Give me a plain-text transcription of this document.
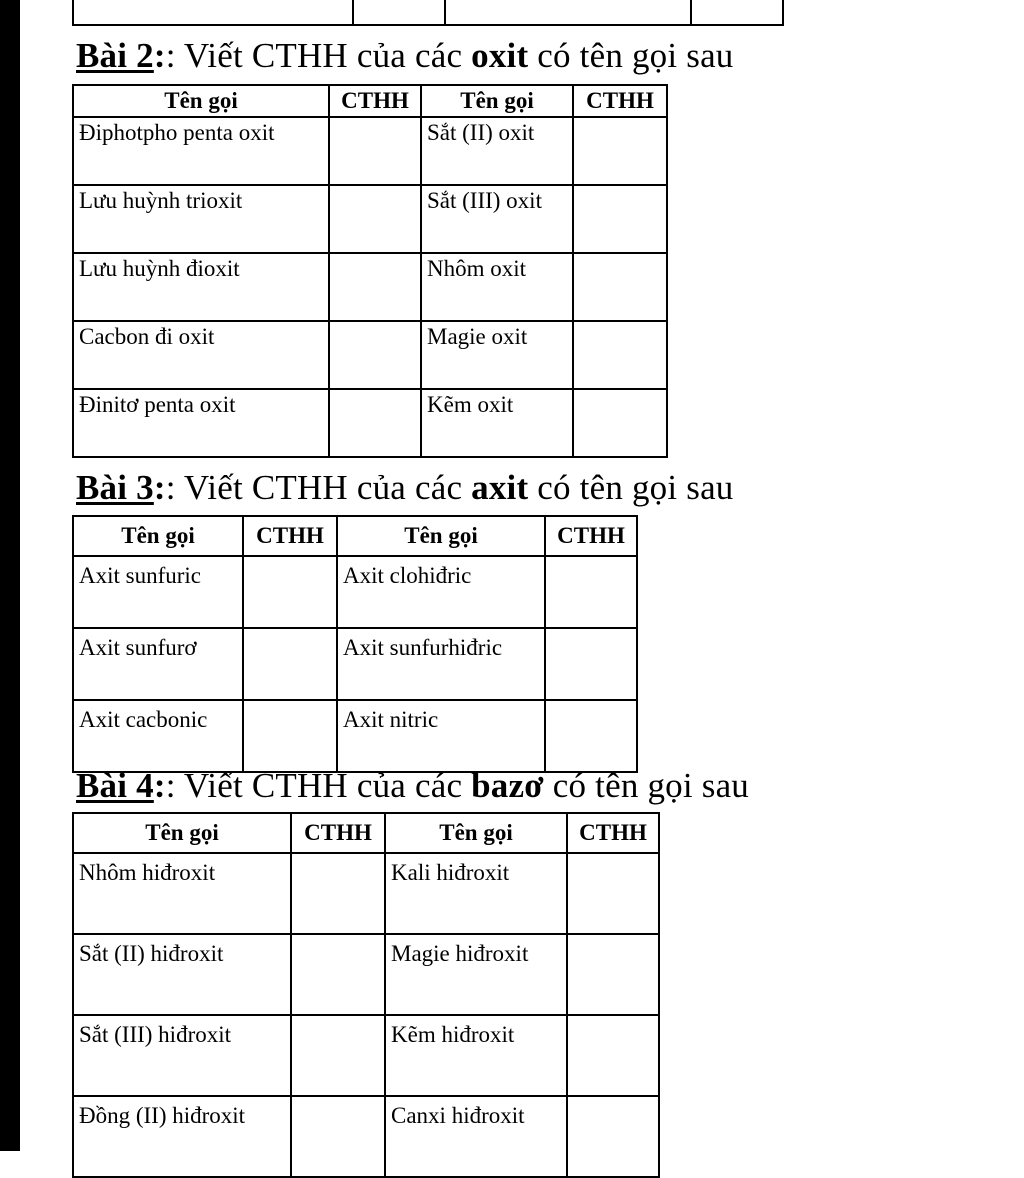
Bài 2:: Viết CTHH của các oxit có tên gọi sau
Tên gọi	CTHH	Tên gọi	CTHH
Điphotpho penta oxit		Sắt (II) oxit	
Lưu huỳnh trioxit		Sắt (III) oxit	
Lưu huỳnh đioxit		Nhôm oxit	
Cacbon đi oxit		Magie oxit	
Đinitơ penta oxit		Kẽm oxit	
Bài 3:: Viết CTHH của các axit có tên gọi sau
Tên gọi	CTHH	Tên gọi	CTHH
Axit sunfuric		Axit clohiđric	
Axit sunfurơ		Axit sunfurhiđric	
Axit cacbonic		Axit nitric	
Bài 4:: Viết CTHH của các bazơ có tên gọi sau
Tên gọi	CTHH	Tên gọi	CTHH
Nhôm hiđroxit		Kali hiđroxit	
Sắt (II) hiđroxit		Magie hiđroxit	
Sắt (III) hiđroxit		Kẽm hiđroxit	
Đồng (II) hiđroxit		Canxi hiđroxit	
